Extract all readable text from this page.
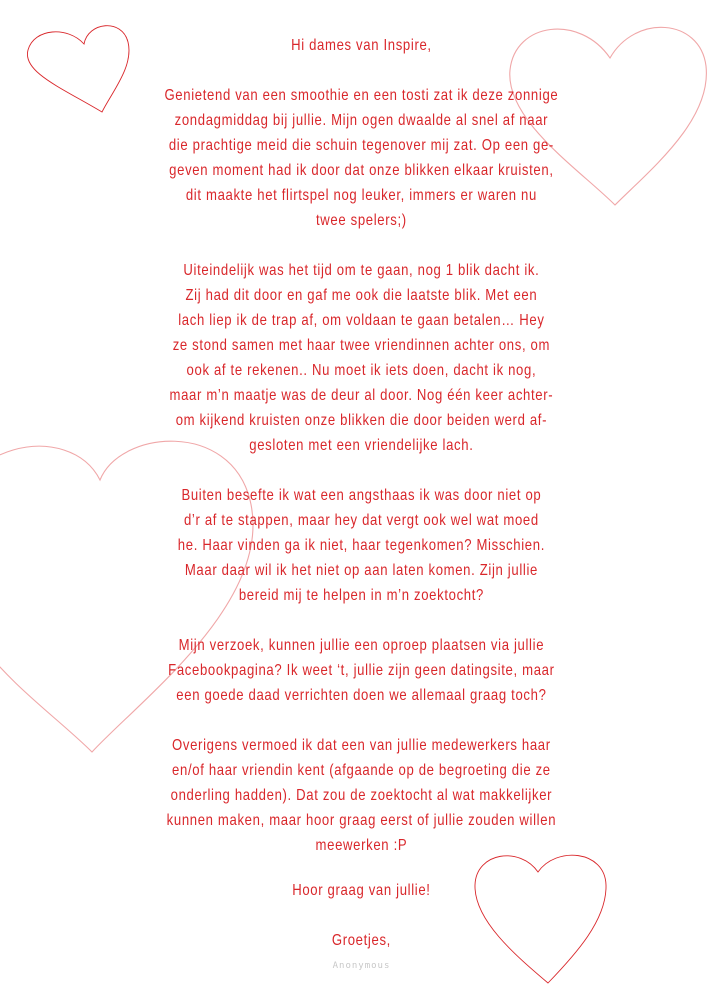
Hi dames van Inspire,
Genietend van een smoothie en een tosti zat ik deze zonnige
zondagmiddag bij jullie. Mijn ogen dwaalde al snel af naar
die prachtige meid die schuin tegenover mij zat. Op een ge-
geven moment had ik door dat onze blikken elkaar kruisten,
dit maakte het flirtspel nog leuker, immers er waren nu
twee spelers;)
Uiteindelijk was het tijd om te gaan, nog 1 blik dacht ik.
Zij had dit door en gaf me ook die laatste blik. Met een
lach liep ik de trap af, om voldaan te gaan betalen… Hey
ze stond samen met haar twee vriendinnen achter ons, om
ook af te rekenen.. Nu moet ik iets doen, dacht ik nog,
maar m’n maatje was de deur al door. Nog één keer achter-
om kijkend kruisten onze blikken die door beiden werd af-
gesloten met een vriendelijke lach.
Buiten besefte ik wat een angsthaas ik was door niet op
d’r af te stappen, maar hey dat vergt ook wel wat moed
he. Haar vinden ga ik niet, haar tegenkomen? Misschien.
Maar daar wil ik het niet op aan laten komen. Zijn jullie
bereid mij te helpen in m’n zoektocht?
Mijn verzoek, kunnen jullie een oproep plaatsen via jullie
Facebookpagina? Ik weet ‘t, jullie zijn geen datingsite, maar
een goede daad verrichten doen we allemaal graag toch?
Overigens vermoed ik dat een van jullie medewerkers haar
en/of haar vriendin kent (afgaande op de begroeting die ze
onderling hadden). Dat zou de zoektocht al wat makkelijker
kunnen maken, maar hoor graag eerst of jullie zouden willen
meewerken :P
Hoor graag van jullie!
Groetjes,
Anonymous
